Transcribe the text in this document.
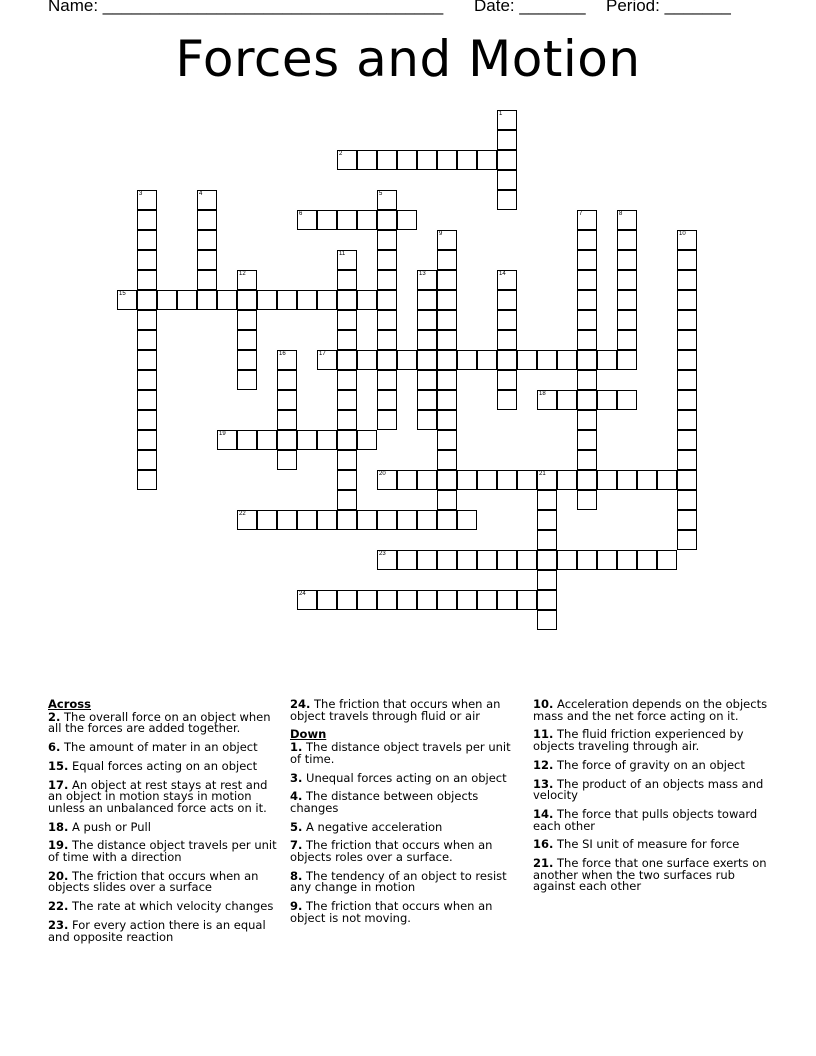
Name: ____________________________________ Date: _______ Period: _______
Forces and Motion
1
2
3	4	5
6	7	8
9	10
11
12	13	14
15
16	17
18
19
20	21
22
23
24
Across
2. The overall force on an object when all the forces are added together.
6. The amount of mater in an object
15. Equal forces acting on an object
17. An object at rest stays at rest and an object in motion stays in motion unless an unbalanced force acts on it.
18. A push or Pull
19. The distance object travels per unit of time with a direction
20. The friction that occurs when an objects slides over a surface
22. The rate at which velocity changes
23. For every action there is an equal and opposite reaction
24. The friction that occurs when an object travels through fluid or air
Down
1. The distance object travels per unit of time.
3. Unequal forces acting on an object
4. The distance between objects changes
5. A negative acceleration
7. The friction that occurs when an objects roles over a surface.
8. The tendency of an object to resist any change in motion
9. The friction that occurs when an object is not moving.
10. Acceleration depends on the objects mass and the net force acting on it.
11. The fluid friction experienced by objects traveling through air.
12. The force of gravity on an object
13. The product of an objects mass and velocity
14. The force that pulls objects toward each other
16. The SI unit of measure for force
21. The force that one surface exerts on another when the two surfaces rub against each other
